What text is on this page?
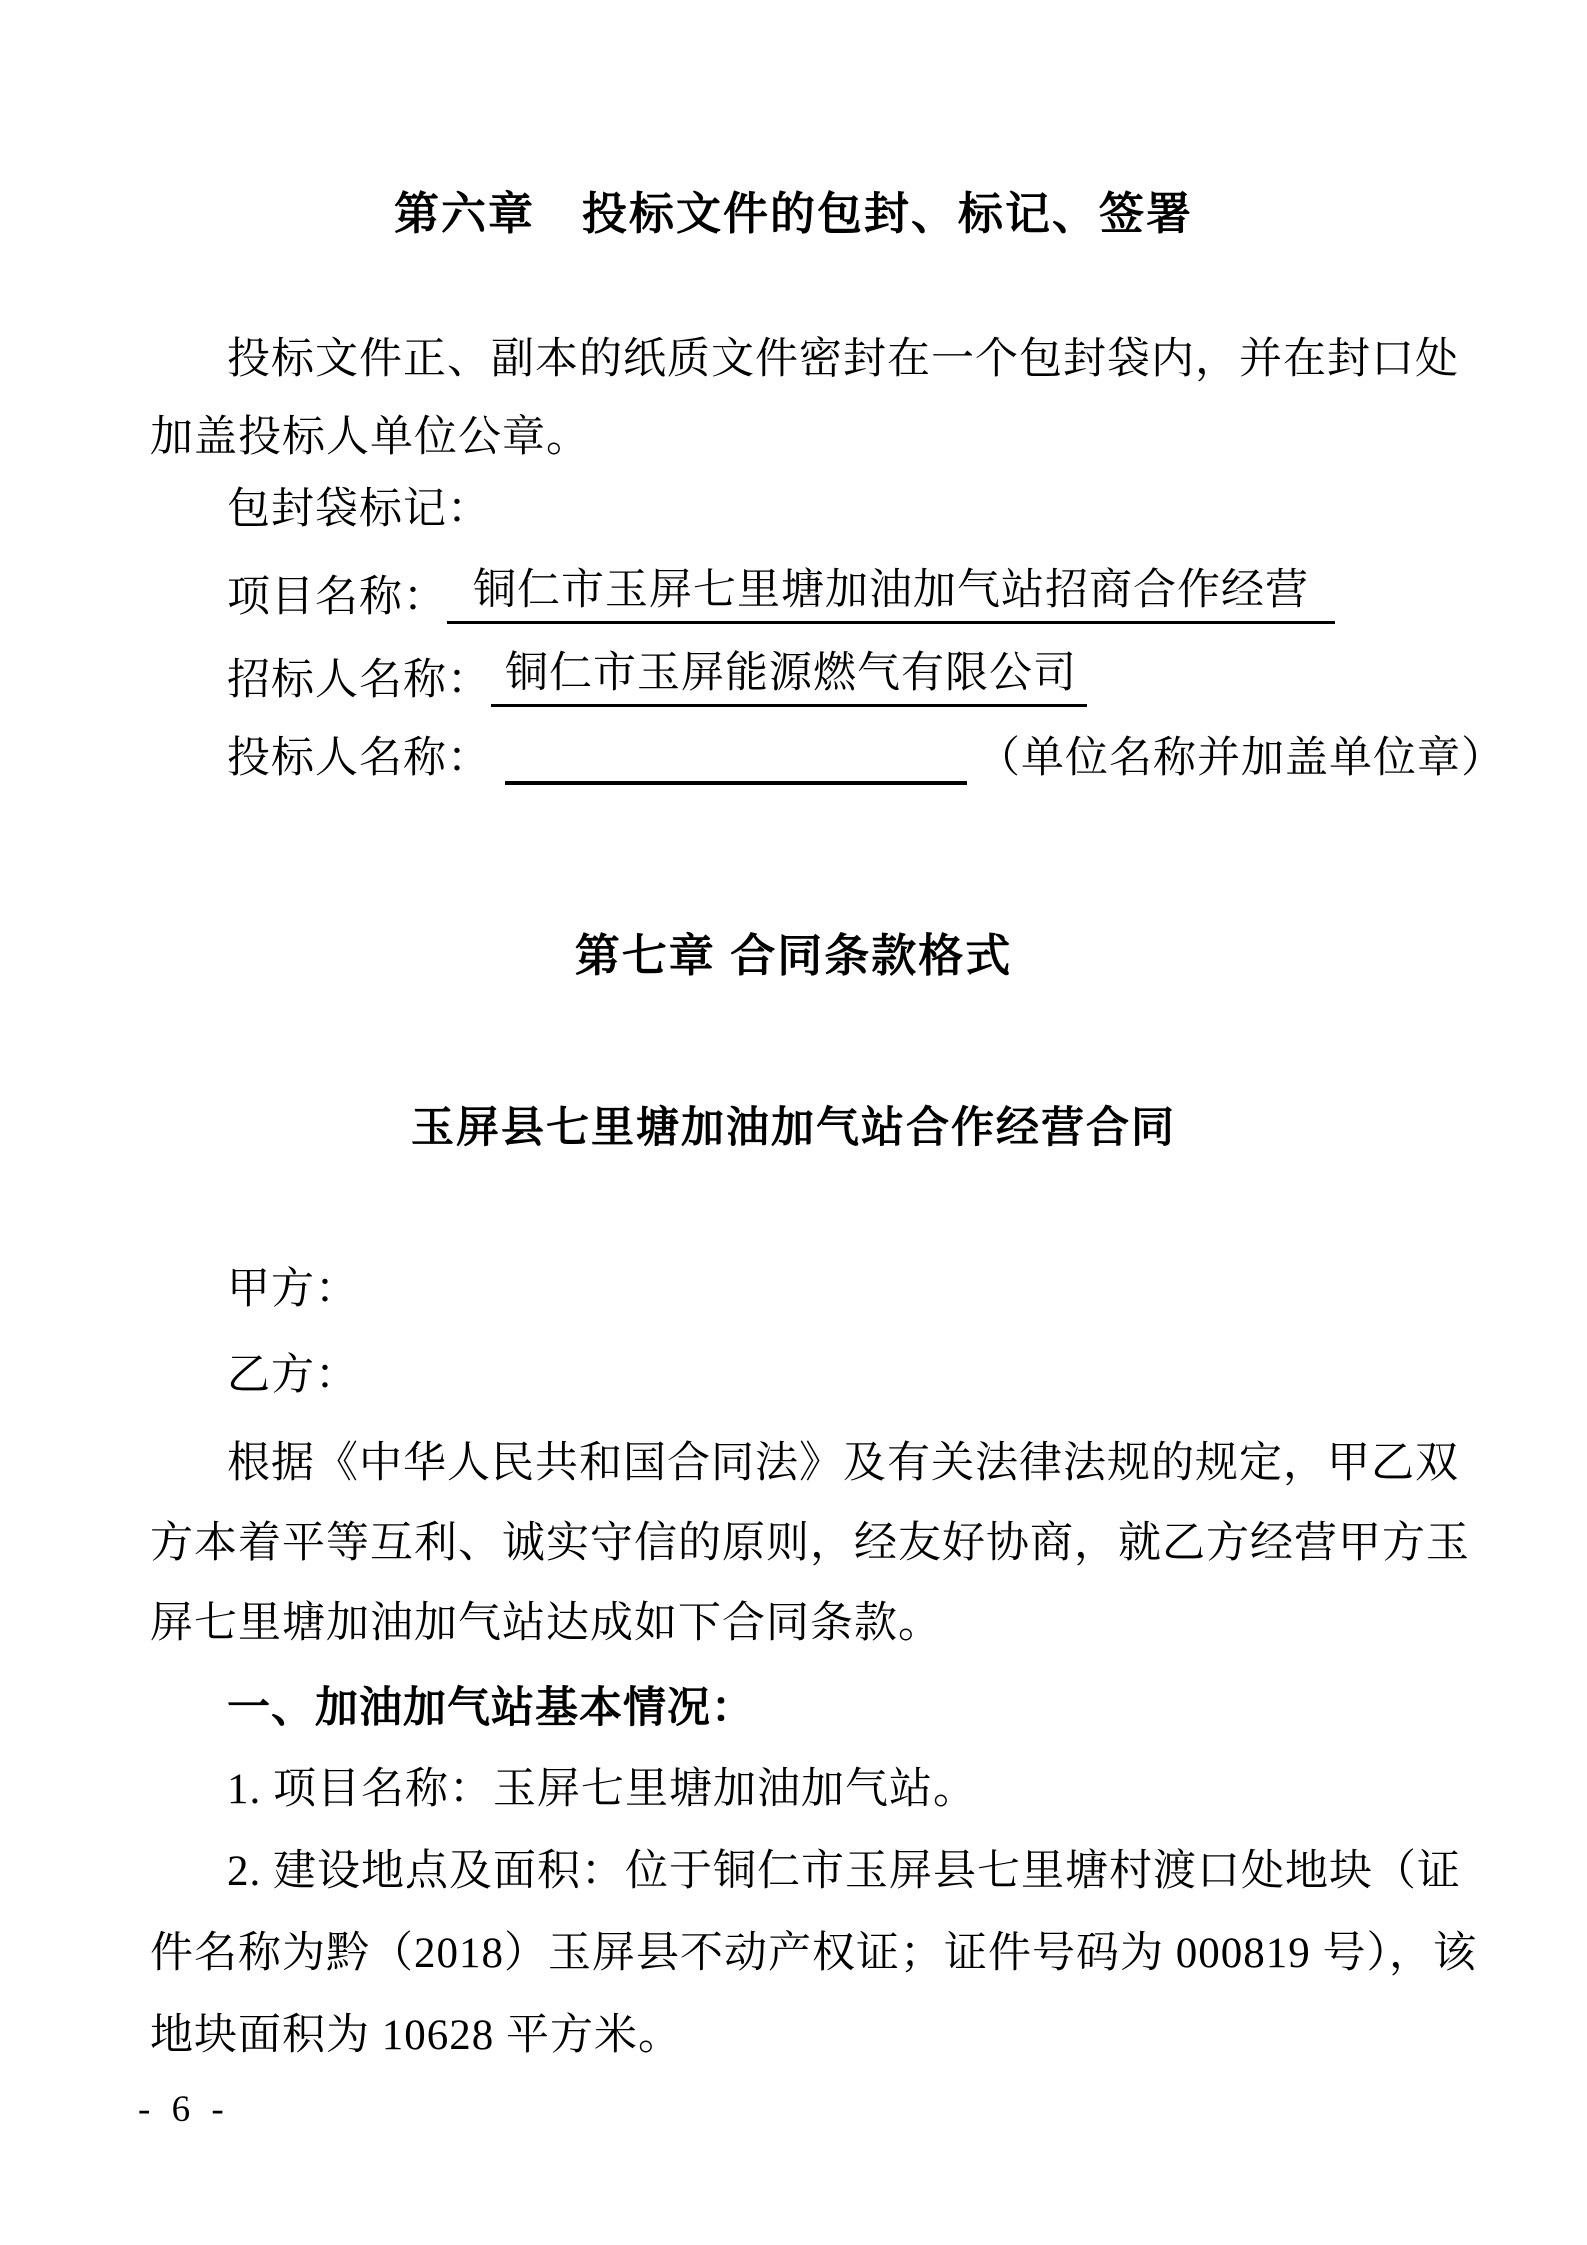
第六章　投标文件的包封、标记、签署
投标文件正、副本的纸质文件密封在一个包封袋内，并在封口处
加盖投标人单位公章。
包封袋标记：
项目名称： 铜仁市玉屏七里塘加油加气站招商合作经营
招标人名称： 铜仁市玉屏能源燃气有限公司
投标人名称：	（单位名称并加盖单位章）
第七章 合同条款格式
玉屏县七里塘加油加气站合作经营合同
甲方：
乙方：
根据《中华人民共和国合同法》及有关法律法规的规定，甲乙双
方本着平等互利、诚实守信的原则，经友好协商，就乙方经营甲方玉
屏七里塘加油加气站达成如下合同条款。
一、加油加气站基本情况：
1. 项目名称：玉屏七里塘加油加气站。
2. 建设地点及面积：位于铜仁市玉屏县七里塘村渡口处地块（证
件名称为黔（2018）玉屏县不动产权证；证件号码为 000819 号），该
地块面积为 10628 平方米。
- 6 -
